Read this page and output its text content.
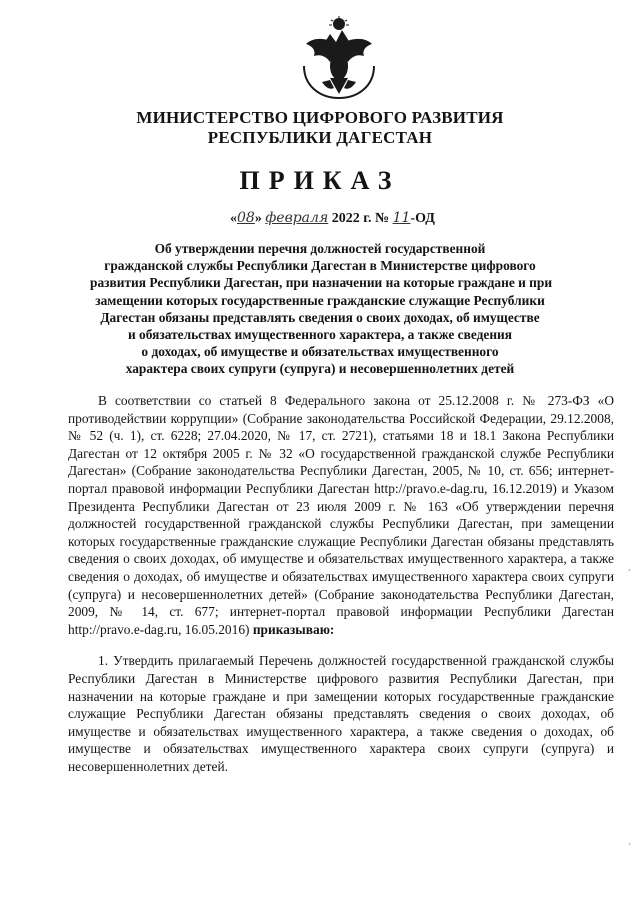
МИНИСТЕРСТВО ЦИФРОВОГО РАЗВИТИЯ
РЕСПУБЛИКИ ДАГЕСТАН
ПРИКАЗ
«08» февраля 2022 г. № 11-ОД
Об утверждении перечня должностей государственной
гражданской службы Республики Дагестан в Министерстве цифрового
развития Республики Дагестан, при назначении на которые граждане и при
замещении которых государственные гражданские служащие Республики
Дагестан обязаны представлять сведения о своих доходах, об имуществе
и обязательствах имущественного характера, а также сведения
о доходах, об имуществе и обязательствах имущественного
характера своих супруги (супруга) и несовершеннолетних детей

В соответствии со статьей 8 Федерального закона от 25.12.2008 г. № 273-ФЗ «О противодействии коррупции» (Собрание законодательства Российской Федерации, 29.12.2008, № 52 (ч. 1), ст. 6228; 27.04.2020, № 17, ст. 2721), статьями 18 и 18.1 Закона Республики Дагестан от 12 октября 2005 г. № 32 «О государственной гражданской службе Республики Дагестан» (Собрание законодательства Республики Дагестан, 2005, № 10, ст. 656; интернет-портал правовой информации Республики Дагестан http://pravo.e-dag.ru, 16.12.2019) и Указом Президента Республики Дагестан от 23 июля 2009 г. № 163 «Об утверждении перечня должностей государственной гражданской службы Республики Дагестан, при замещении которых государственные гражданские служащие Республики Дагестан обязаны представлять сведения о своих доходах, об имуществе и обязательствах имущественного характера, а также сведения о доходах, об имуществе и обязательствах имущественного характера своих супруги (супруга) и несовершеннолетних детей» (Собрание законодательства Республики Дагестан, 2009, № 14, ст. 677; интернет-портал правовой информации Республики Дагестан http://pravo.e-dag.ru, 16.05.2016) приказываю:

1. Утвердить прилагаемый Перечень должностей государственной гражданской службы Республики Дагестан в Министерстве цифрового развития Республики Дагестан, при назначении на которые граждане и при замещении которых государственные гражданские служащие Республики Дагестан обязаны представлять сведения о своих доходах, об имуществе и обязательствах имущественного характера, а также сведения о доходах, об имуществе и обязательствах имущественного характера своих супруги (супруга) и несовершеннолетних детей.

,
’
